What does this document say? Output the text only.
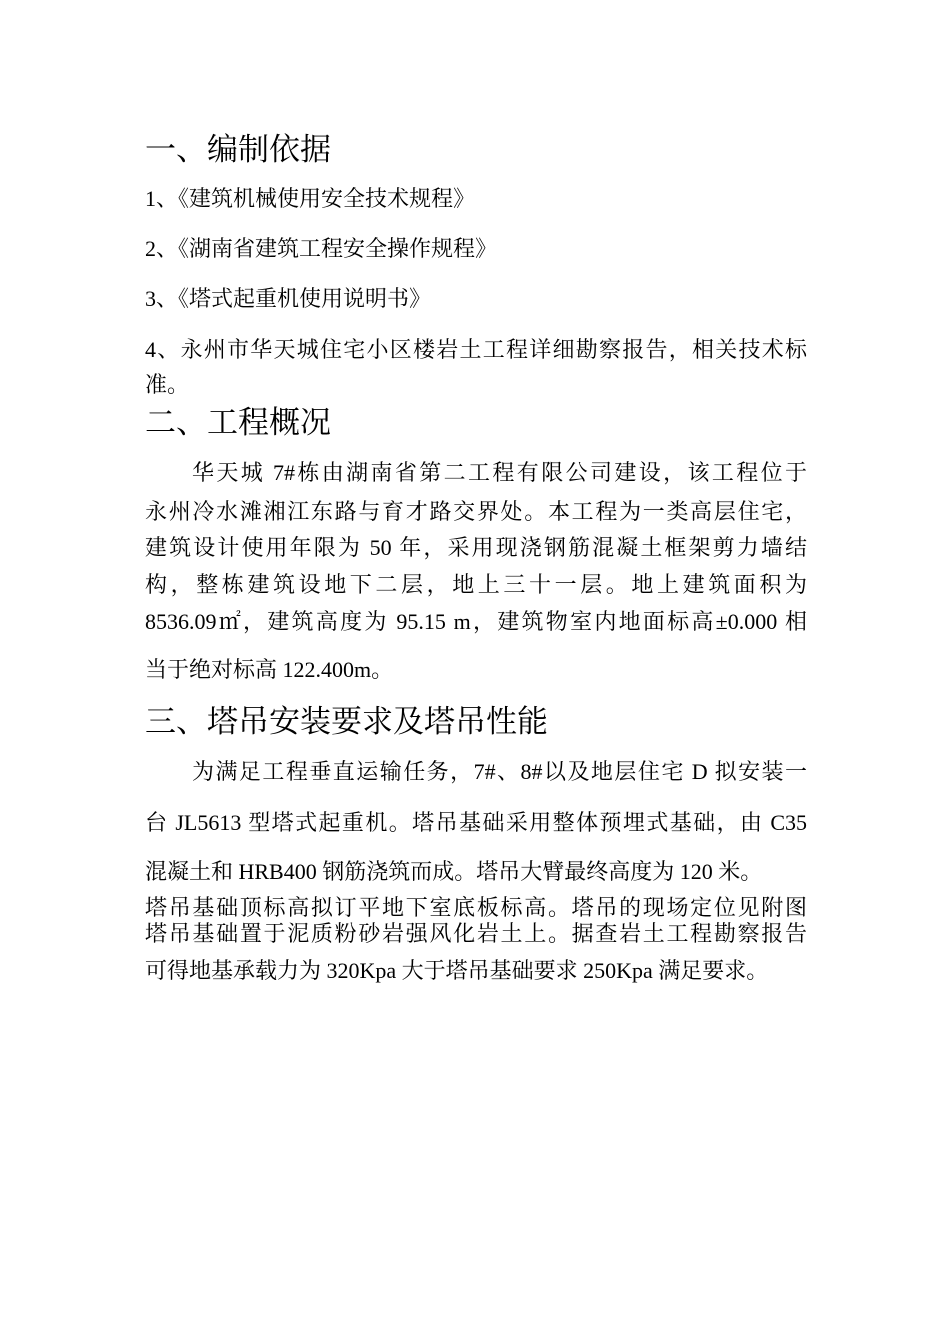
一、编制依据
1、《建筑机械使用安全技术规程》
2、《湖南省建筑工程安全操作规程》
3、《塔式起重机使用说明书》
4、永州市华天城住宅小区楼岩土工程详细勘察报告，相关技术标
准。
二、工程概况
华天城 7#栋由湖南省第二工程有限公司建设，该工程位于
永州冷水滩湘江东路与育才路交界处。本工程为一类高层住宅，
建筑设计使用年限为 50 年，采用现浇钢筋混凝土框架剪力墙结
构，整栋建筑设地下二层，地上三十一层。地上建筑面积为
8536.09㎡，建筑高度为 95.15 m，建筑物室内地面标高±0.000 相
当于绝对标高 122.400m。
三、塔吊安装要求及塔吊性能
为满足工程垂直运输任务，7#、8#以及地层住宅 D 拟安装一
台 JL5613 型塔式起重机。塔吊基础采用整体预埋式基础，由 C35
混凝土和 HRB400 钢筋浇筑而成。塔吊大臂最终高度为 120 米。
塔吊基础顶标高拟订平地下室底板标高。塔吊的现场定位见附图
塔吊基础置于泥质粉砂岩强风化岩土上。据查岩土工程勘察报告
可得地基承载力为 320Kpa 大于塔吊基础要求 250Kpa 满足要求。
